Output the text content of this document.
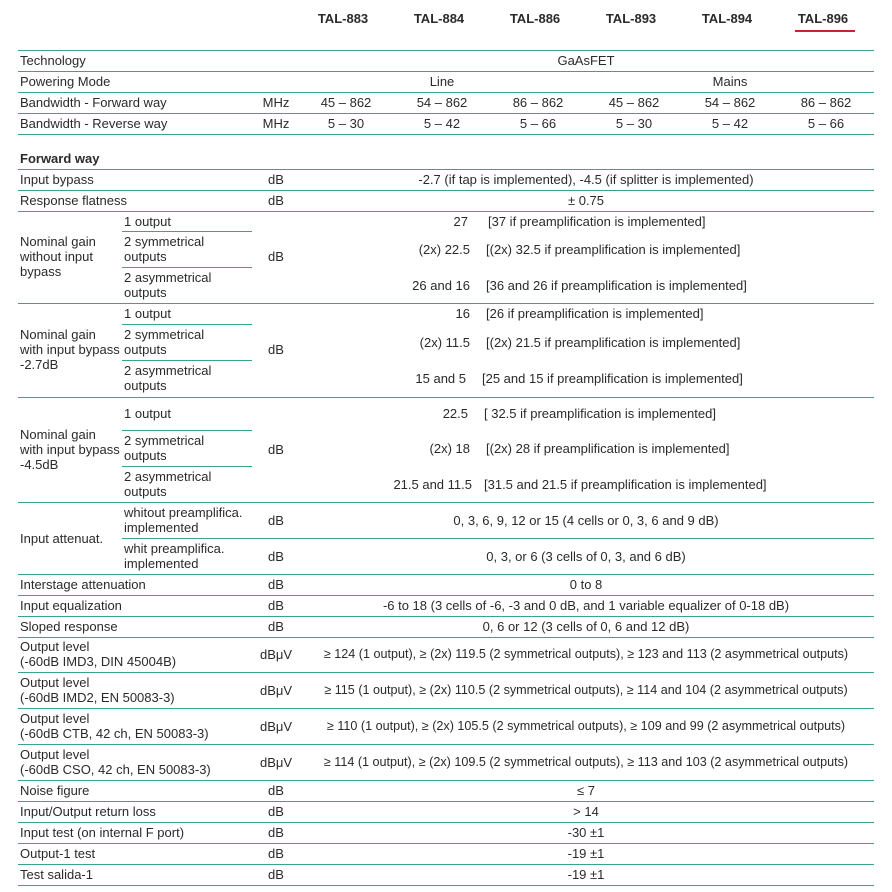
TAL-883	TAL-884	TAL-886	TAL-893	TAL-894	TAL-896
Technology	GaAsFET
Powering Mode	Line	Mains
Bandwidth - Forward way	MHz	45 – 862	54 – 862	86 – 862	45 – 862	54 – 862	86 – 862
Bandwidth - Reverse way	MHz	5 – 30	5 – 42	5 – 66	5 – 30	5 – 42	5 – 66
Forward way
Input bypass	dB	-2.7 (if tap is implemented), -4.5 (if splitter is implemented)
Response flatness	dB	± 0.75
Nominal gain without input bypass
dB
1 output	27 [37 if preamplification is implemented]
2 symmetrical outputs	(2x) 22.5 [(2x) 32.5 if preamplification is implemented]
2 asymmetrical outputs	26 and 16 [36 and 26 if preamplification is implemented]
Nominal gain with input bypass -2.7dB
dB
1 output	16 [26 if preamplification is implemented]
2 symmetrical outputs	(2x) 11.5 [(2x) 21.5 if preamplification is implemented]
2 asymmetrical outputs	15 and 5 [25 and 15 if preamplification is implemented]
Nominal gain with input bypass -4.5dB
dB
1 output	22.5 [ 32.5 if preamplification is implemented]
2 symmetrical outputs	(2x) 18 [(2x) 28 if preamplification is implemented]
2 asymmetrical outputs	21.5 and 11.5 [31.5 and 21.5 if preamplification is implemented]
Input attenuat.
whitout preamplifica. implemented	dB	0, 3, 6, 9, 12 or 15 (4 cells or 0, 3, 6 and 9 dB)
whit preamplifica. implemented	dB	0, 3, or 6 (3 cells of 0, 3, and 6 dB)
Interstage attenuation	dB	0 to 8
Input equalization	dB	-6 to 18 (3 cells of -6, -3 and 0 dB, and 1 variable equalizer of 0-18 dB)
Sloped response	dB	0, 6 or 12 (3 cells of 0, 6 and 12 dB)
Output level
(-60dB IMD3, DIN 45004B)	dBμV	≥ 124 (1 output), ≥ (2x) 119.5 (2 symmetrical outputs), ≥ 123 and 113 (2 asymmetrical outputs)
Output level
(-60dB IMD2, EN 50083-3)	dBμV	≥ 115 (1 output), ≥ (2x) 110.5 (2 symmetrical outputs), ≥ 114 and 104 (2 asymmetrical outputs)
Output level
(-60dB CTB, 42 ch, EN 50083-3)	dBμV	≥ 110 (1 output), ≥ (2x) 105.5 (2 symmetrical outputs), ≥ 109 and 99 (2 asymmetrical outputs)
Output level
(-60dB CSO, 42 ch, EN 50083-3)	dBμV	≥ 114 (1 output), ≥ (2x) 109.5 (2 symmetrical outputs), ≥ 113 and 103 (2 asymmetrical outputs)
Noise figure	dB	≤ 7
Input/Output return loss	dB	> 14
Input test (on internal F port)	dB	-30 ±1
Output-1 test	dB	-19 ±1
Test salida-1	dB	-19 ±1
